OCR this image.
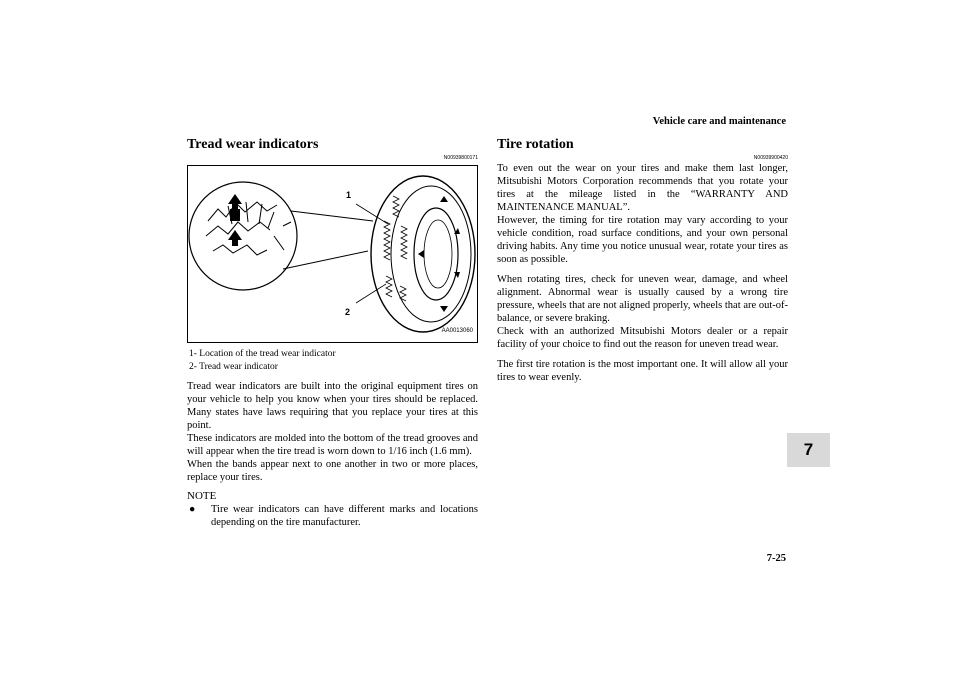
Vehicle care and maintenance
Tread wear indicators
N00939800171
1
2
AA0013060
1- Location of the tread wear indicator
2- Tread wear indicator

Tread wear indicators are built into the original equipment tires on your vehicle to help you know when your tires should be replaced. Many states have laws requiring that you replace your tires at this point.

These indicators are molded into the bottom of the tread grooves and will appear when the tire tread is worn down to 1/16 inch (1.6 mm).

When the bands appear next to one another in two or more places, replace your tires.

NOTE
●	Tire wear indicators can have different marks and locations depending on the tire manufacturer.

Tire rotation
N00939900420

To even out the wear on your tires and make them last longer, Mitsubishi Motors Corporation recommends that you rotate your tires at the mileage listed in the “WARRANTY AND MAINTENANCE MANUAL”.

However, the timing for tire rotation may vary according to your vehicle condition, road surface conditions, and your own personal driving habits. Any time you notice unusual wear, rotate your tires as soon as possible.

When rotating tires, check for uneven wear, damage, and wheel alignment. Abnormal wear is usually caused by a wrong tire pressure, wheels that are not aligned properly, wheels that are out-of-balance, or severe braking.

Check with an authorized Mitsubishi Motors dealer or a repair facility of your choice to find out the reason for uneven tread wear.

The first tire rotation is the most important one. It will allow all your tires to wear evenly.

7
7-25
